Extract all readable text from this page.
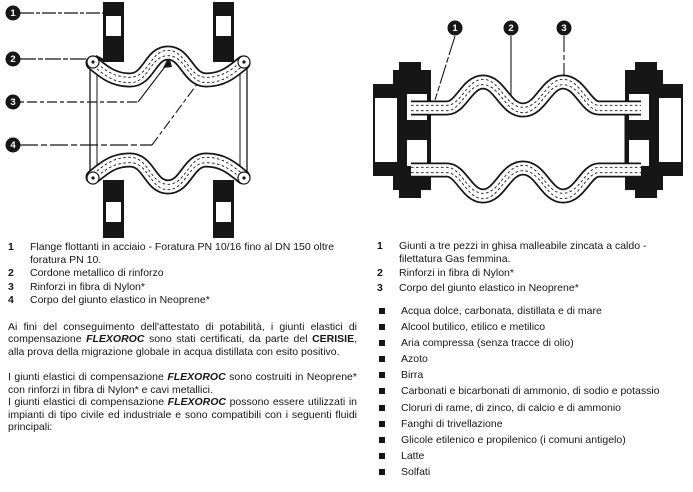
1
2
3
4
1	2	3
1	Flange flottanti in acciaio - Foratura PN 10/16 fino al DN 150 oltre foratura PN 10.
2	Cordone metallico di rinforzo
3	Rinforzi in fibra di Nylon*
4	Corpo del giunto elastico in Neoprene*

Ai fini del conseguimento dell'attestato di potabilità, i giunti elastici di compensazione FLEXOROC sono stati certificati, da parte del CERISIE, alla prova della migrazione globale in acqua distillata con esito positivo.

I giunti elastici di compensazione FLEXOROC sono costruiti in Neoprene* con rinforzi in fibra di Nylon* e cavi metallici.

I giunti elastici di compensazione FLEXOROC possono essere utilizzati in impianti di tipo civile ed industriale e sono compatibili con i seguenti fluidi principali:

1	Giunti a tre pezzi in ghisa malleabile zincata a caldo - filettatura Gas femmina.
2	Rinforzi in fibra di Nylon*
3	Corpo del giunto elastico in Neoprene*
Acqua dolce, carbonata, distillata e di mare
Alcool butilico, etilico e metilico
Aria compressa (senza tracce di olio)
Azoto
Birra
Carbonati e bicarbonati di ammonio, di sodio e potassio
Cloruri di rame, di zinco, di calcio e di ammonio
Fanghi di trivellazione
Glicole etilenico e propilenico (i comuni antigelo)
Latte
Solfati
